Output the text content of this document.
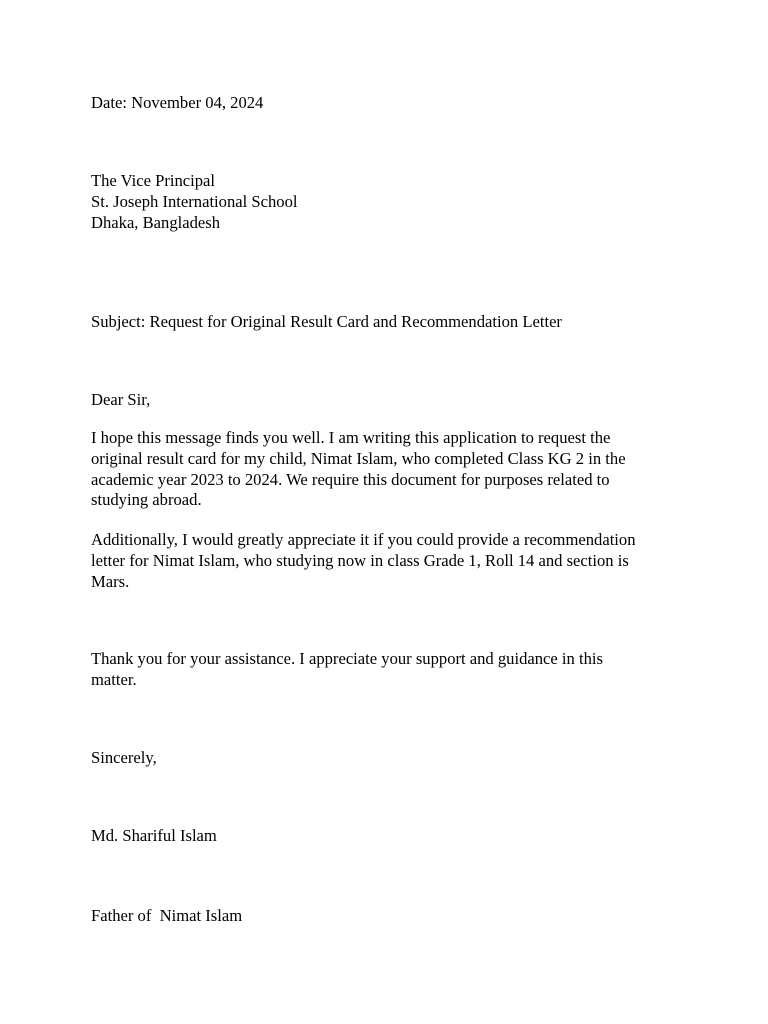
Date: November 04, 2024

The Vice Principal
St. Joseph International School
Dhaka, Bangladesh

Subject: Request for Original Result Card and Recommendation Letter

Dear Sir,

I hope this message finds you well. I am writing this application to request the
original result card for my child, Nimat Islam, who completed Class KG 2 in the
academic year 2023 to 2024. We require this document for purposes related to
studying abroad.

Additionally, I would greatly appreciate it if you could provide a recommendation
letter for Nimat Islam, who studying now in class Grade 1, Roll 14 and section is
Mars.

Thank you for your assistance. I appreciate your support and guidance in this
matter.

Sincerely,

Md. Shariful Islam

Father of  Nimat Islam
